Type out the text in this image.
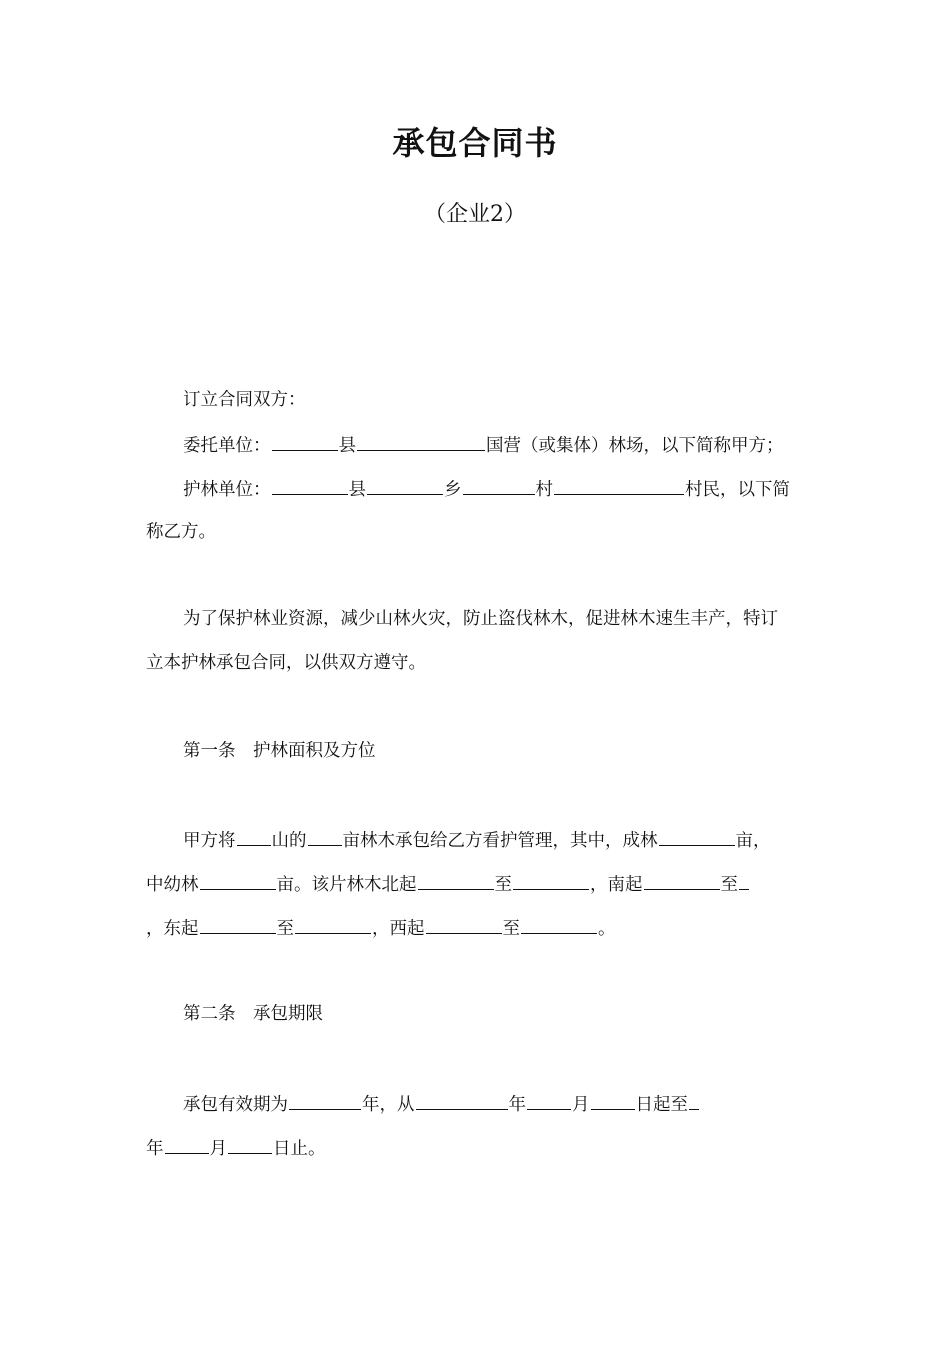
承包合同书
（企业2）
订立合同双方：
委托单位：	县	国营（或集体）林场，以下简称甲方；
护林单位：	县	乡	村	村民，以下简
称乙方。
为了保护林业资源，减少山林火灾，防止盗伐林木，促进林木速生丰产，特订
立本护林承包合同，以供双方遵守。
第一条　护林面积及方位
甲方将 山的 亩林木承包给乙方看护管理，其中，成林	亩，
中幼林	亩。该片林木北起	至	，南起	至
，东起	至	，西起	至	。
第二条　承包期限
承包有效期为	年，从	年	月	日起至
年	月	日止。
